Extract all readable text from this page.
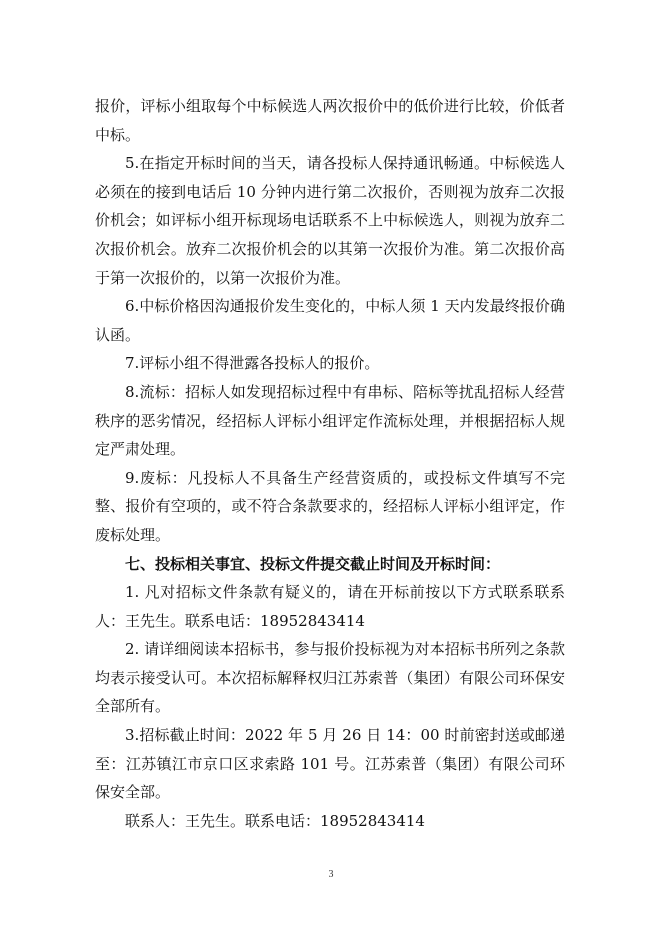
报价，评标小组取每个中标候选人两次报价中的低价进行比较，价低者中标。

5.在指定开标时间的当天，请各投标人保持通讯畅通。中标候选人必须在的接到电话后 10 分钟内进行第二次报价，否则视为放弃二次报价机会；如评标小组开标现场电话联系不上中标候选人，则视为放弃二次报价机会。放弃二次报价机会的以其第一次报价为准。第二次报价高于第一次报价的，以第一次报价为准。

6.中标价格因沟通报价发生变化的，中标人须 1 天内发最终报价确认函。

7.评标小组不得泄露各投标人的报价。

8.流标：招标人如发现招标过程中有串标、陪标等扰乱招标人经营秩序的恶劣情况，经招标人评标小组评定作流标处理，并根据招标人规定严肃处理。

9.废标：凡投标人不具备生产经营资质的，或投标文件填写不完整、报价有空项的，或不符合条款要求的，经招标人评标小组评定，作废标处理。

七、投标相关事宜、投标文件提交截止时间及开标时间：

1. 凡对招标文件条款有疑义的，请在开标前按以下方式联系联系人：王先生。联系电话：18952843414

2. 请详细阅读本招标书，参与报价投标视为对本招标书所列之条款均表示接受认可。本次招标解释权归江苏索普（集团）有限公司环保安全部所有。

3.招标截止时间：2022 年 5 月 26 日 14：00 时前密封送或邮递至：江苏镇江市京口区求索路 101 号。江苏索普（集团）有限公司环保安全部。

联系人：王先生。联系电话：18952843414

3
